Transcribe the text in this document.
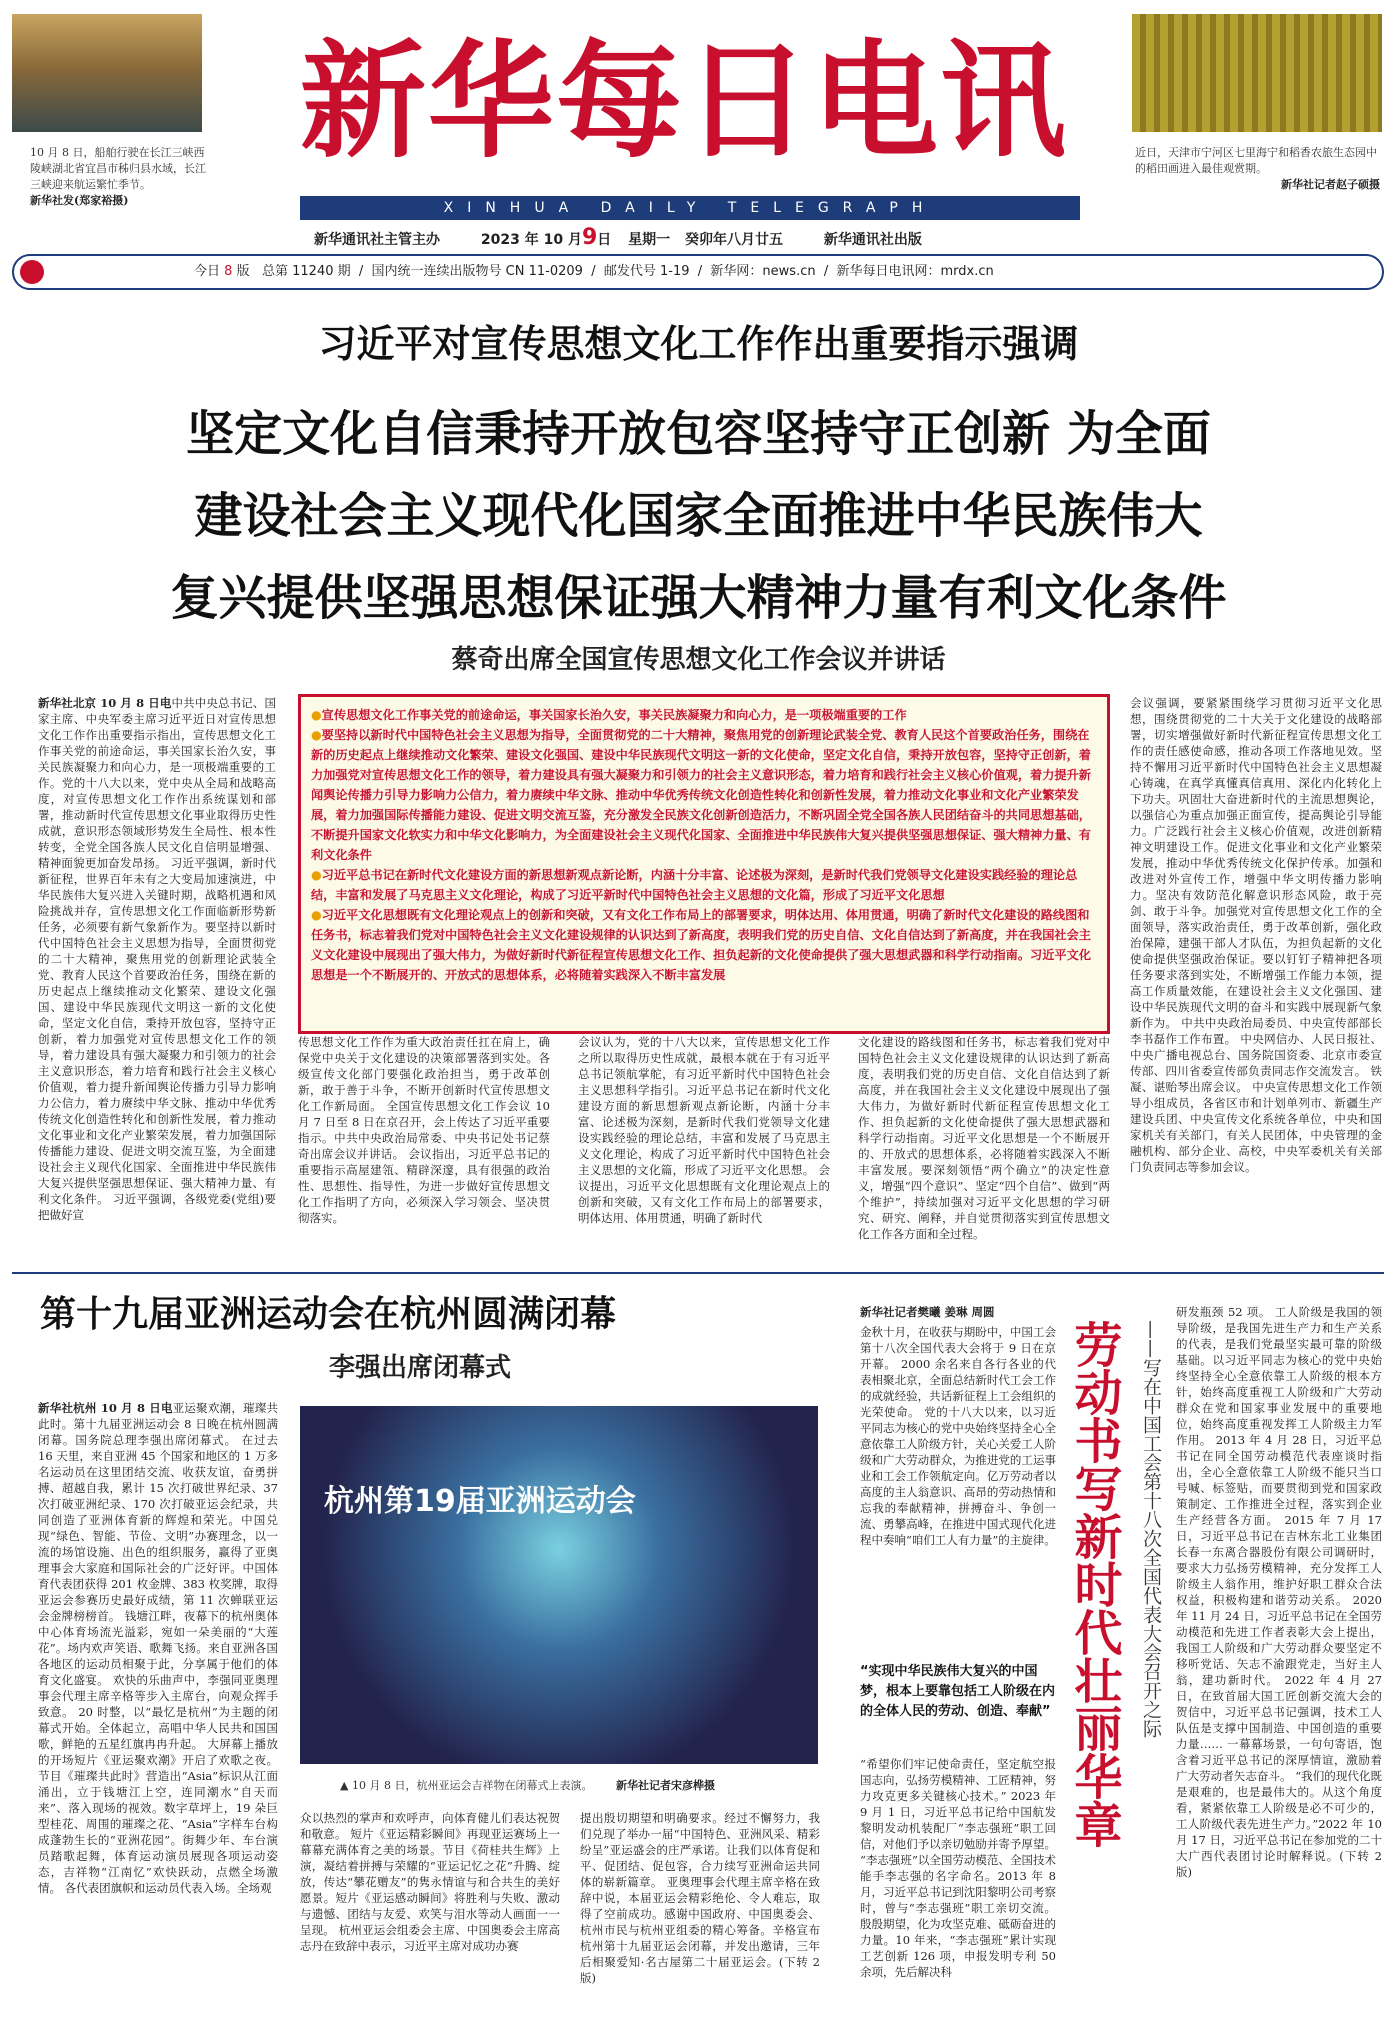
10 月 8 日，船舶行驶在长江三峡西陵峡湖北省宜昌市秭归县水域，长江三峡迎来航运繁忙季节。
新华社发(郑家裕摄)
近日，天津市宁河区七里海宁和稻香农旅生态园中的稻田画进入最佳观赏期。

新华社记者赵子硕摄
新华每日电讯
XINHUA DAILY TELEGRAPH
新华通讯社主管主办	2023 年 10 月9日 星期一 癸卯年八月廿五	新华通讯社出版
今日 8 版 总第 11240 期  /  国内统一连续出版物号 CN 11-0209  /  邮发代号 1-19  /  新华网：news.cn  /  新华每日电讯网：mrdx.cn
习近平对宣传思想文化工作作出重要指示强调
坚定文化自信秉持开放包容坚持守正创新 为全面
建设社会主义现代化国家全面推进中华民族伟大
复兴提供坚强思想保证强大精神力量有利文化条件
蔡奇出席全国宣传思想文化工作会议并讲话
新华社北京 10 月 8 日电中共中央总书记、国家主席、中央军委主席习近平近日对宣传思想文化工作作出重要指示指出，宣传思想文化工作事关党的前途命运，事关国家长治久安，事关民族凝聚力和向心力，是一项极端重要的工作。党的十八大以来，党中央从全局和战略高度，对宣传思想文化工作作出系统谋划和部署，推动新时代宣传思想文化事业取得历史性成就，意识形态领域形势发生全局性、根本性转变，全党全国各族人民文化自信明显增强、精神面貌更加奋发昂扬。 习近平强调，新时代新征程，世界百年未有之大变局加速演进，中华民族伟大复兴进入关键时期，战略机遇和风险挑战并存，宣传思想文化工作面临新形势新任务，必须要有新气象新作为。要坚持以新时代中国特色社会主义思想为指导，全面贯彻党的二十大精神，聚焦用党的创新理论武装全党、教育人民这个首要政治任务，围绕在新的历史起点上继续推动文化繁荣、建设文化强国、建设中华民族现代文明这一新的文化使命，坚定文化自信，秉持开放包容，坚持守正创新，着力加强党对宣传思想文化工作的领导，着力建设具有强大凝聚力和引领力的社会主义意识形态，着力培育和践行社会主义核心价值观，着力提升新闻舆论传播力引导力影响力公信力，着力赓续中华文脉、推动中华优秀传统文化创造性转化和创新性发展，着力推动文化事业和文化产业繁荣发展，着力加强国际传播能力建设、促进文明交流互鉴，为全面建设社会主义现代化国家、全面推进中华民族伟大复兴提供坚强思想保证、强大精神力量、有利文化条件。 习近平强调，各级党委(党组)要把做好宣
●宣传思想文化工作事关党的前途命运，事关国家长治久安，事关民族凝聚力和向心力，是一项极端重要的工作
●要坚持以新时代中国特色社会主义思想为指导，全面贯彻党的二十大精神，聚焦用党的创新理论武装全党、教育人民这个首要政治任务，围绕在新的历史起点上继续推动文化繁荣、建设文化强国、建设中华民族现代文明这一新的文化使命，坚定文化自信，秉持开放包容，坚持守正创新，着力加强党对宣传思想文化工作的领导，着力建设具有强大凝聚力和引领力的社会主义意识形态，着力培育和践行社会主义核心价值观，着力提升新闻舆论传播力引导力影响力公信力，着力赓续中华文脉、推动中华优秀传统文化创造性转化和创新性发展，着力推动文化事业和文化产业繁荣发展，着力加强国际传播能力建设、促进文明交流互鉴，充分激发全民族文化创新创造活力，不断巩固全党全国各族人民团结奋斗的共同思想基础，不断提升国家文化软实力和中华文化影响力，为全面建设社会主义现代化国家、全面推进中华民族伟大复兴提供坚强思想保证、强大精神力量、有利文化条件
●习近平总书记在新时代文化建设方面的新思想新观点新论断，内涵十分丰富、论述极为深刻，是新时代我们党领导文化建设实践经验的理论总结，丰富和发展了马克思主义文化理论，构成了习近平新时代中国特色社会主义思想的文化篇，形成了习近平文化思想
●习近平文化思想既有文化理论观点上的创新和突破，又有文化工作布局上的部署要求，明体达用、体用贯通，明确了新时代文化建设的路线图和任务书，标志着我们党对中国特色社会主义文化建设规律的认识达到了新高度，表明我们党的历史自信、文化自信达到了新高度，并在我国社会主义文化建设中展现出了强大伟力，为做好新时代新征程宣传思想文化工作、担负起新的文化使命提供了强大思想武器和科学行动指南。习近平文化思想是一个不断展开的、开放式的思想体系，必将随着实践深入不断丰富发展
传思想文化工作作为重大政治责任扛在肩上，确保党中央关于文化建设的决策部署落到实处。各级宣传文化部门要强化政治担当，勇于改革创新，敢于善于斗争，不断开创新时代宣传思想文化工作新局面。 全国宣传思想文化工作会议 10 月 7 日至 8 日在京召开，会上传达了习近平重要指示。中共中央政治局常委、中央书记处书记蔡奇出席会议并讲话。 会议指出，习近平总书记的重要指示高屋建瓴、精辟深邃，具有很强的政治性、思想性、指导性，为进一步做好宣传思想文化工作指明了方向，必须深入学习领会、坚决贯彻落实。
会议认为，党的十八大以来，宣传思想文化工作之所以取得历史性成就，最根本就在于有习近平总书记领航掌舵，有习近平新时代中国特色社会主义思想科学指引。习近平总书记在新时代文化建设方面的新思想新观点新论断，内涵十分丰富、论述极为深刻，是新时代我们党领导文化建设实践经验的理论总结，丰富和发展了马克思主义文化理论，构成了习近平新时代中国特色社会主义思想的文化篇，形成了习近平文化思想。 会议提出，习近平文化思想既有文化理论观点上的创新和突破，又有文化工作布局上的部署要求，明体达用、体用贯通，明确了新时代
文化建设的路线图和任务书，标志着我们党对中国特色社会主义文化建设规律的认识达到了新高度，表明我们党的历史自信、文化自信达到了新高度，并在我国社会主义文化建设中展现出了强大伟力，为做好新时代新征程宣传思想文化工作、担负起新的文化使命提供了强大思想武器和科学行动指南。习近平文化思想是一个不断展开的、开放式的思想体系，必将随着实践深入不断丰富发展。要深刻领悟“两个确立”的决定性意义，增强“四个意识”、坚定“四个自信”、做到“两个维护”，持续加强对习近平文化思想的学习研究、研究、阐释，并自觉贯彻落实到宣传思想文化工作各方面和全过程。
会议强调，要紧紧围绕学习贯彻习近平文化思想，围绕贯彻党的二十大关于文化建设的战略部署，切实增强做好新时代新征程宣传思想文化工作的责任感使命感，推动各项工作落地见效。坚持不懈用习近平新时代中国特色社会主义思想凝心铸魂，在真学真懂真信真用、深化内化转化上下功夫。巩固壮大奋进新时代的主流思想舆论，以强信心为重点加强正面宣传，提高舆论引导能力。广泛践行社会主义核心价值观，改进创新精神文明建设工作。促进文化事业和文化产业繁荣发展，推动中华优秀传统文化保护传承。加强和改进对外宣传工作，增强中华文明传播力影响力。坚决有效防范化解意识形态风险，敢于亮剑、敢于斗争。加强党对宣传思想文化工作的全面领导，落实政治责任，勇于改革创新，强化政治保障，建强干部人才队伍，为担负起新的文化使命提供坚强政治保证。要以钉钉子精神把各项任务要求落到实处，不断增强工作能力本领，提高工作质量效能，在建设社会主义文化强国、建设中华民族现代文明的奋斗和实践中展现新气象新作为。 中共中央政治局委员、中央宣传部部长李书磊作工作布置。 中央网信办、人民日报社、中央广播电视总台、国务院国资委、北京市委宣传部、四川省委宣传部负责同志作交流发言。 铁凝、谌贻琴出席会议。 中央宣传思想文化工作领导小组成员，各省区市和计划单列市、新疆生产建设兵团、中央宣传文化系统各单位，中央和国家机关有关部门，有关人民团体，中央管理的金融机构、部分企业、高校，中央军委机关有关部门负责同志等参加会议。
第十九届亚洲运动会在杭州圆满闭幕
李强出席闭幕式
新华社杭州 10 月 8 日电亚运聚欢潮，璀璨共此时。第十九届亚洲运动会 8 日晚在杭州圆满闭幕。国务院总理李强出席闭幕式。 在过去 16 天里，来自亚洲 45 个国家和地区的 1 万多名运动员在这里团结交流、收获友谊，奋勇拼搏、超越自我，累计 15 次打破世界纪录、37 次打破亚洲纪录、170 次打破亚运会纪录，共同创造了亚洲体育新的辉煌和荣光。中国兑现“绿色、智能、节俭、文明”办赛理念，以一流的场馆设施、出色的组织服务，赢得了亚奥理事会大家庭和国际社会的广泛好评。中国体育代表团获得 201 枚金牌、383 枚奖牌，取得亚运会参赛历史最好成绩，第 11 次蝉联亚运会金牌榜榜首。 钱塘江畔，夜幕下的杭州奥体中心体育场流光溢彩，宛如一朵美丽的“大莲花”。场内欢声笑语、歌舞飞扬。来自亚洲各国各地区的运动员相聚于此，分享属于他们的体育文化盛宴。 欢快的乐曲声中，李强同亚奥理事会代理主席辛格等步入主席台，向观众挥手致意。 20 时整，以“最忆是杭州”为主题的闭幕式开始。全体起立，高唱中华人民共和国国歌，鲜艳的五星红旗冉冉升起。 大屏幕上播放的开场短片《亚运聚欢潮》开启了欢歌之夜。节目《璀璨共此时》营造出“Asia”标识从江面涌出，立于钱塘江上空，连同潮水“自天而来”、落入现场的视效。数字草坪上，19 朵巨型桂花、周围的璀璨之花、“Asia”字样车台构成蓬勃生长的“亚洲花园”。街舞少年、车台演员踏歌起舞，体育运动演员展现各项运动姿态，吉祥物“江南忆”欢快跃动，点燃全场激情。 各代表团旗帜和运动员代表入场。全场观
杭州第19届亚洲运动会
▲ 10 月 8 日，杭州亚运会吉祥物在闭幕式上表演。 新华社记者宋彦桦摄
众以热烈的掌声和欢呼声，向体育健儿们表达祝贺和敬意。 短片《亚运精彩瞬间》再现亚运赛场上一幕幕充满体育之美的场景。节目《荷桂共生辉》上演，凝结着拼搏与荣耀的“亚运记忆之花”升腾、绽放，传达“攀花赠友”的隽永情谊与和合共生的美好愿景。短片《亚运感动瞬间》将胜利与失败、激动与遗憾、团结与友爱、欢笑与泪水等动人画面一一呈现。 杭州亚运会组委会主席、中国奥委会主席高志丹在致辞中表示，习近平主席对成功办赛
提出殷切期望和明确要求。经过不懈努力，我们兑现了举办一届“中国特色、亚洲风采、精彩纷呈”亚运盛会的庄严承诺。让我们以体育促和平、促团结、促包容，合力续写亚洲命运共同体的崭新篇章。 亚奥理事会代理主席辛格在致辞中说，本届亚运会精彩绝伦、令人难忘，取得了空前成功。感谢中国政府、中国奥委会、杭州市民与杭州亚组委的精心筹备。辛格宣布杭州第十九届亚运会闭幕，并发出邀请，三年后相聚爱知·名古屋第二十届亚运会。(下转 2 版)
新华社记者樊曦 姜琳 周圆
金秋十月，在收获与期盼中，中国工会第十八次全国代表大会将于 9 日在京开幕。 2000 余名来自各行各业的代表相聚北京，全面总结新时代工会工作的成就经验，共话新征程上工会组织的光荣使命。 党的十八大以来，以习近平同志为核心的党中央始终坚持全心全意依靠工人阶级方针，关心关爱工人阶级和广大劳动群众，为推进党的工运事业和工会工作领航定向。亿万劳动者以高度的主人翁意识、高昂的劳动热情和忘我的奉献精神，拼搏奋斗、争创一流、勇攀高峰，在推进中国式现代化进程中奏响“咱们工人有力量”的主旋律。
“实现中华民族伟大复兴的中国梦，根本上要靠包括工人阶级在内的全体人民的劳动、创造、奉献”
“希望你们牢记使命责任，坚定航空报国志向，弘扬劳模精神、工匠精神，努力攻克更多关键核心技术。” 2023 年 9 月 1 日，习近平总书记给中国航发黎明发动机装配厂“李志强班”职工回信，对他们予以亲切勉励并寄予厚望。 “李志强班”以全国劳动模范、全国技术能手李志强的名字命名。2013 年 8 月，习近平总书记到沈阳黎明公司考察时，曾与“李志强班”职工亲切交流。 殷殷期望，化为攻坚克难、砥砺奋进的力量。10 年来，“李志强班”累计实现工艺创新 126 项，申报发明专利 50 余项，先后解决科
劳动书写新时代壮丽华章 ——写在中国工会第十八次全国代表大会召开之际
研发瓶颈 52 项。 工人阶级是我国的领导阶级，是我国先进生产力和生产关系的代表，是我们党最坚实最可靠的阶级基础。以习近平同志为核心的党中央始终坚持全心全意依靠工人阶级的根本方针，始终高度重视工人阶级和广大劳动群众在党和国家事业发展中的重要地位，始终高度重视发挥工人阶级主力军作用。 2013 年 4 月 28 日，习近平总书记在同全国劳动模范代表座谈时指出，全心全意依靠工人阶级不能只当口号喊、标签贴，而要贯彻到党和国家政策制定、工作推进全过程，落实到企业生产经营各方面。 2015 年 7 月 17 日，习近平总书记在吉林东北工业集团长春一东离合器股份有限公司调研时，要求大力弘扬劳模精神，充分发挥工人阶级主人翁作用，维护好职工群众合法权益，积极构建和谐劳动关系。 2020 年 11 月 24 日，习近平总书记在全国劳动模范和先进工作者表彰大会上提出，我国工人阶级和广大劳动群众要坚定不移听党话、矢志不渝跟党走，当好主人翁，建功新时代。 2022 年 4 月 27 日，在致首届大国工匠创新交流大会的贺信中，习近平总书记强调，技术工人队伍是支撑中国制造、中国创造的重要力量…… 一幕幕场景，一句句寄语，饱含着习近平总书记的深厚情谊，激励着广大劳动者矢志奋斗。 “我们的现代化既是艰难的，也是最伟大的。从这个角度看，紧紧依靠工人阶级是必不可少的，工人阶级代表先进生产力。”2022 年 10 月 17 日，习近平总书记在参加党的二十大广西代表团讨论时解释说。(下转 2 版)
